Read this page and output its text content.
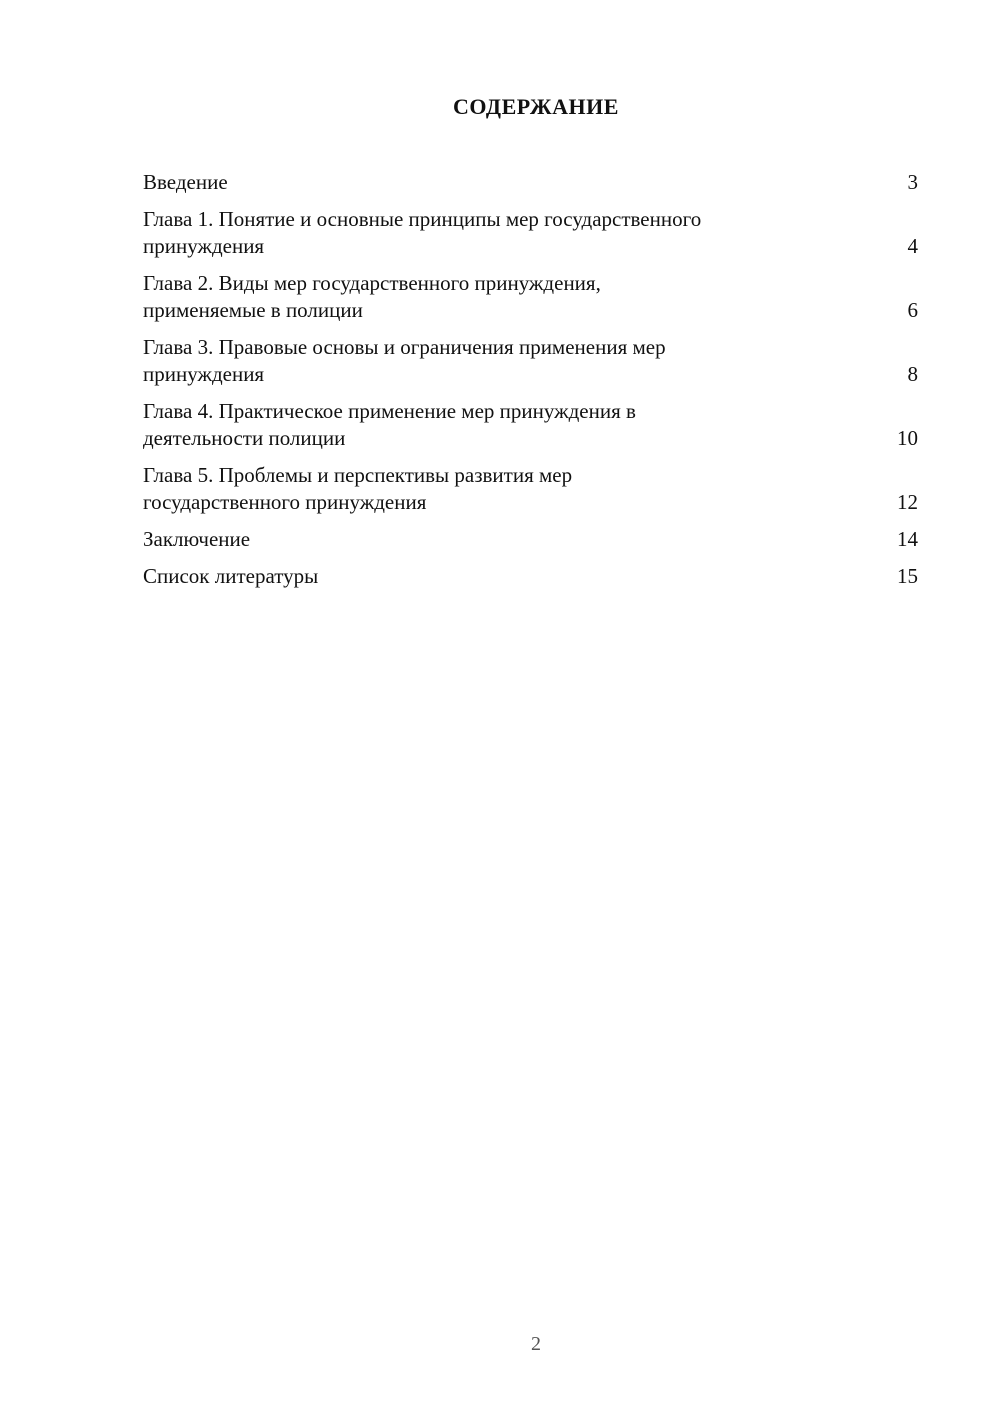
СОДЕРЖАНИЕ
Введение	3
Глава 1. Понятие и основные принципы мер государственного
принуждения	4
Глава 2. Виды мер государственного принуждения,
применяемые в полиции	6
Глава 3. Правовые основы и ограничения применения мер
принуждения	8
Глава 4. Практическое применение мер принуждения в
деятельности полиции	10
Глава 5. Проблемы и перспективы развития мер
государственного принуждения	12
Заключение	14
Список литературы	15
2
